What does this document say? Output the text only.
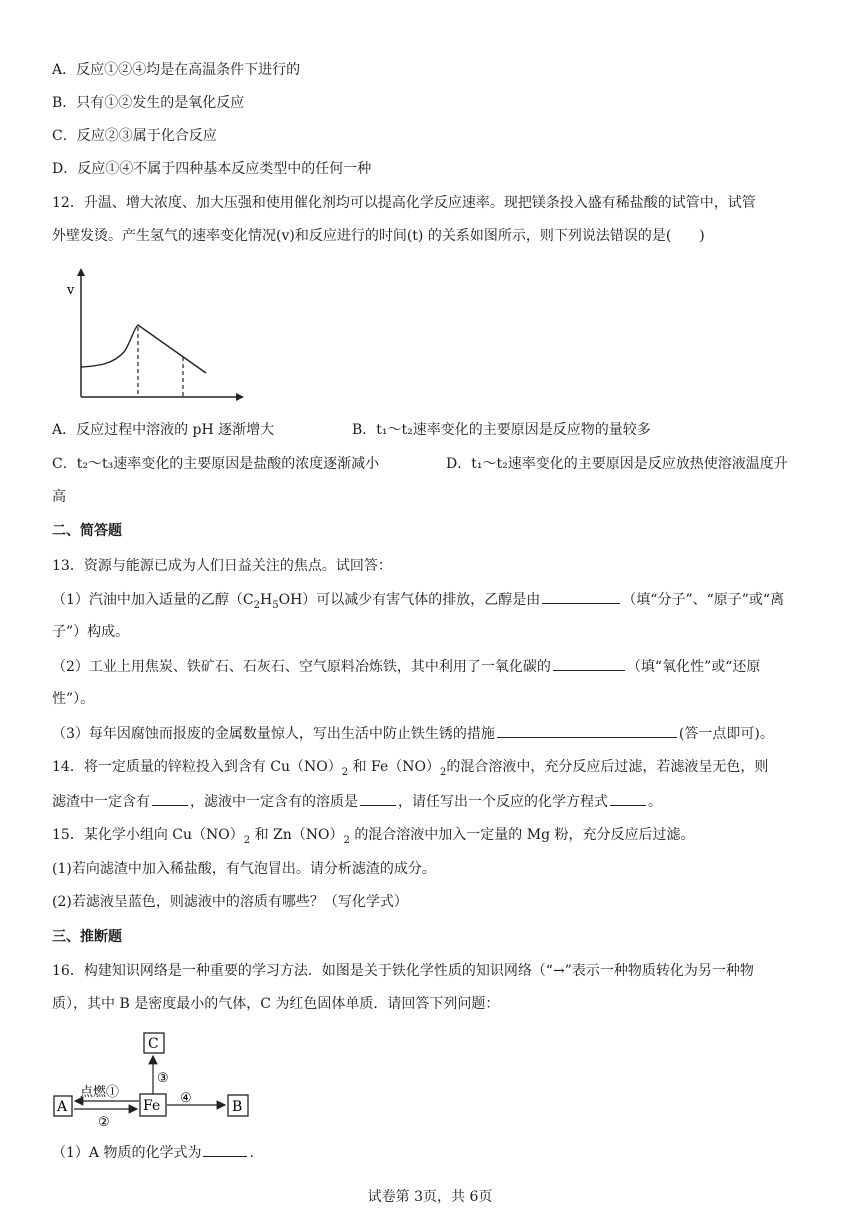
A．反应①②④均是在高温条件下进行的
B．只有①②发生的是氧化反应
C．反应②③属于化合反应
D．反应①④不属于四种基本反应类型中的任何一种
12．升温、增大浓度、加大压强和使用催化剂均可以提高化学反应速率。现把镁条投入盛有稀盐酸的试管中，试管
外壁发烫。产生氢气的速率变化情况(v)和反应进行的时间(t) 的关系如图所示，则下列说法错误的是(　　)
v
A．反应过程中溶液的 pH 逐渐增大	B．t₁～t₂速率变化的主要原因是反应物的量较多
C．t₂～t₃速率变化的主要原因是盐酸的浓度逐渐减小	D．t₁～t₂速率变化的主要原因是反应放热使溶液温度升
高
二、简答题
13．资源与能源已成为人们日益关注的焦点。试回答：
（1）汽油中加入适量的乙醇$(C_2H_5OH)$可以减少有害气体的排放，乙醇是由	（填“分子”、“原子”或“离
子”）构成。
（2）工业上用焦炭、铁矿石、石灰石、空气原料冶炼铁，其中利用了一氧化碳的	（填“氧化性”或“还原
性”）。
（3）每年因腐蚀而报废的金属数量惊人，写出生活中防止铁生锈的措施	(答一点即可)。
14．将一定质量的锌粒投入到含有 $Cu(NO)_2$ 和 $Fe(NO)_2$的混合溶液中，充分反应后过滤，若滤液呈无色，则
滤渣中一定含有	，滤液中一定含有的溶质是	，请任写出一个反应的化学方程式	。
15．某化学小组向 $Cu(NO)_2$ 和 $Zn(NO)_2$ 的混合溶液中加入一定量的 Mg 粉，充分反应后过滤。
(1)若向滤渣中加入稀盐酸，有气泡冒出。请分析滤渣的成分。
(2)若滤液呈蓝色，则滤液中的溶质有哪些？（写化学式）
三、推断题
16．构建知识网络是一种重要的学习方法．如图是关于铁化学性质的知识网络（“→”表示一种物质转化为另一种物
质），其中 B 是密度最小的气体，C 为红色固体单质．请回答下列问题：
C
A	Fe	B
③
点燃①
②
④
（1）A 物质的化学式为	.
试卷第 3页，共 6页
